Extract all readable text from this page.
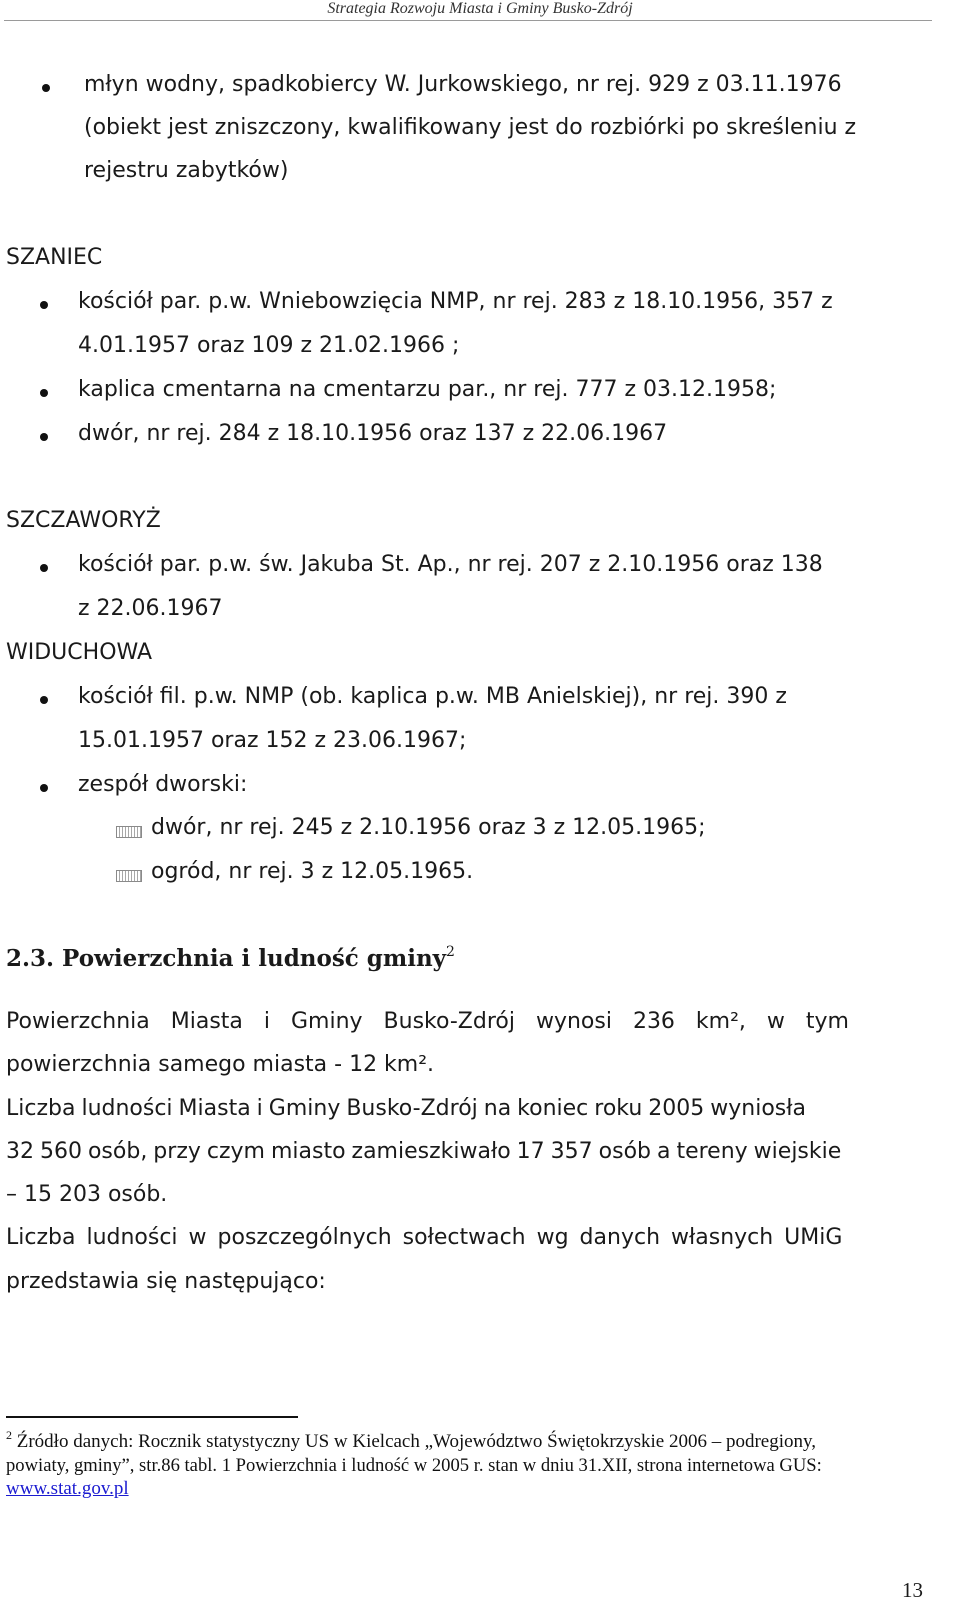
Strategia Rozwoju Miasta i Gminy Busko-Zdrój
młyn wodny, spadkobiercy W. Jurkowskiego, nr rej. 929 z 03.11.1976
(obiekt jest zniszczony, kwalifikowany jest do rozbiórki po skreśleniu z
rejestru zabytków)
SZANIEC
kościół par. p.w. Wniebowzięcia NMP, nr rej. 283 z 18.10.1956, 357 z
4.01.1957 oraz 109 z 21.02.1966 ;
kaplica cmentarna na cmentarzu par., nr rej. 777 z 03.12.1958;
dwór, nr rej. 284 z 18.10.1956 oraz 137 z 22.06.1967
SZCZAWORYŻ
kościół par. p.w. św. Jakuba St. Ap., nr rej. 207 z 2.10.1956 oraz 138
z 22.06.1967
WIDUCHOWA
kościół fil. p.w. NMP (ob. kaplica p.w. MB Anielskiej), nr rej. 390 z
15.01.1957 oraz 152 z 23.06.1967;
zespół dworski:
dwór, nr rej. 245 z 2.10.1956 oraz 3 z 12.05.1965;
ogród, nr rej. 3 z 12.05.1965.
2.3. Powierzchnia i ludność gminy$^2$
Powierzchnia Miasta i Gminy Busko-Zdrój wynosi 236 km², w tym
powierzchnia samego miasta - 12 km².
Liczba ludności Miasta i Gminy Busko-Zdrój na koniec roku 2005 wyniosła
32 560 osób, przy czym miasto zamieszkiwało 17 357 osób a tereny wiejskie
– 15 203 osób.
Liczba ludności w poszczególnych sołectwach wg danych własnych UMiG
przedstawia się następująco:
$^2$ Źródło danych: Rocznik statystyczny US w Kielcach „Województwo Świętokrzyskie 2006 – podregiony,
powiaty, gminy”, str.86 tabl. 1 Powierzchnia i ludność w 2005 r. stan w dniu 31.XII, strona internetowa GUS:
www.stat.gov.pl
13
